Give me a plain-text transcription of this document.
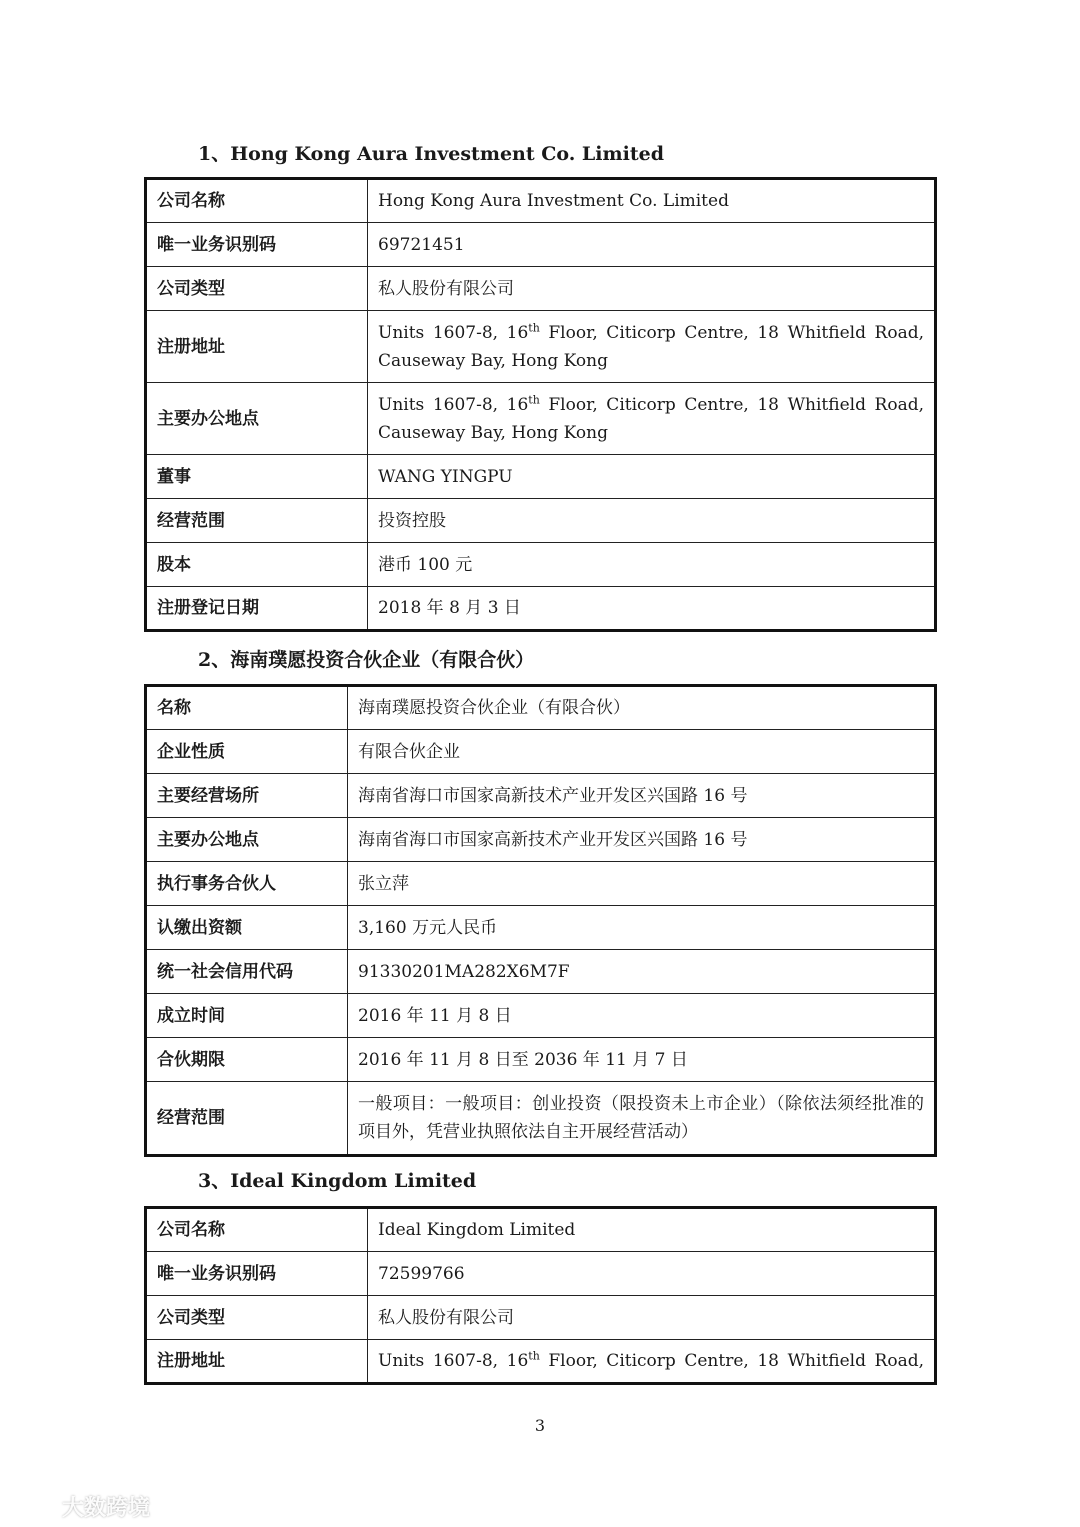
1、Hong Kong Aura Investment Co. Limited
公司名称	Hong Kong Aura Investment Co. Limited
唯一业务识别码	69721451
公司类型	私人股份有限公司
注册地址	Units 1607-8, 16th Floor, Citicorp Centre, 18 Whitfield Road, Causeway Bay, Hong Kong
主要办公地点	Units 1607-8, 16th Floor, Citicorp Centre, 18 Whitfield Road, Causeway Bay, Hong Kong
董事	WANG YINGPU
经营范围	投资控股
股本	港币 100 元
注册登记日期	2018 年 8 月 3 日
2、海南璞愿投资合伙企业（有限合伙）
名称	海南璞愿投资合伙企业（有限合伙）
企业性质	有限合伙企业
主要经营场所	海南省海口市国家高新技术产业开发区兴国路 16 号
主要办公地点	海南省海口市国家高新技术产业开发区兴国路 16 号
执行事务合伙人	张立萍
认缴出资额	3,160 万元人民币
统一社会信用代码	91330201MA282X6M7F
成立时间	2016 年 11 月 8 日
合伙期限	2016 年 11 月 8 日至 2036 年 11 月 7 日
经营范围	一般项目：一般项目：创业投资（限投资未上市企业）（除依法须经批准的项目外，凭营业执照依法自主开展经营活动）
3、Ideal Kingdom Limited
公司名称	Ideal Kingdom Limited
唯一业务识别码	72599766
公司类型	私人股份有限公司
注册地址	Units 1607-8, 16th Floor, Citicorp Centre, 18 Whitfield Road,
3
大数跨境
